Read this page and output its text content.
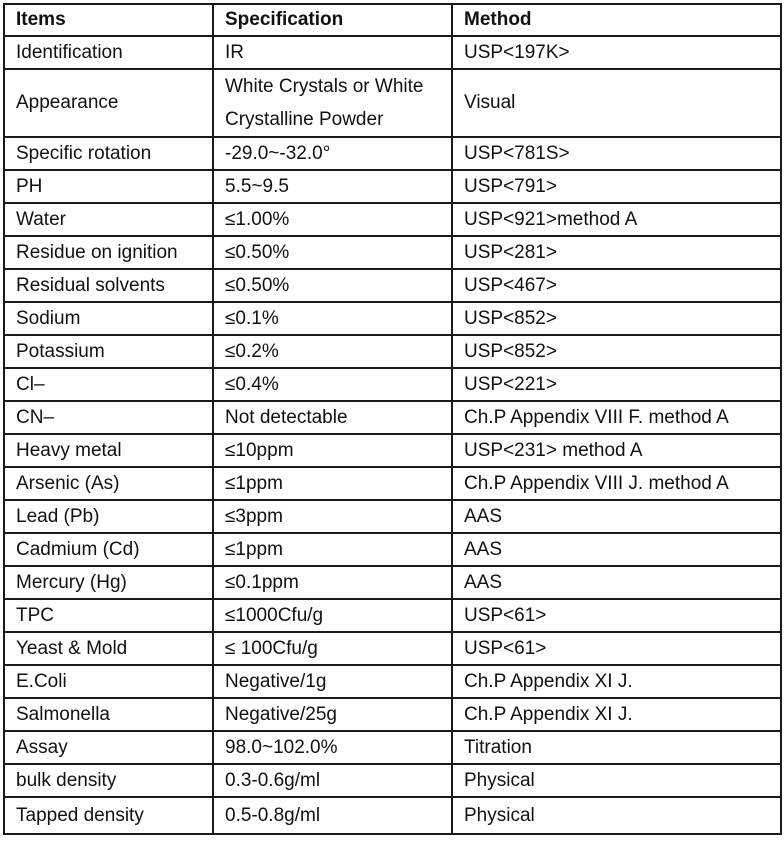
Items	Specification	Method
Identification	IR	USP<197K>
Appearance	White Crystals or White Crystalline Powder	Visual
Specific rotation	-29.0~-32.0°	USP<781S>
PH	5.5~9.5	USP<791>
Water	≤1.00%	USP<921>method A
Residue on ignition	≤0.50%	USP<281>
Residual solvents	≤0.50%	USP<467>
Sodium	≤0.1%	USP<852>
Potassium	≤0.2%	USP<852>
Cl–	≤0.4%	USP<221>
CN–	Not detectable	Ch.P Appendix VIII F. method A
Heavy metal	≤10ppm	USP<231> method A
Arsenic (As)	≤1ppm	Ch.P Appendix VIII J. method A
Lead (Pb)	≤3ppm	AAS
Cadmium (Cd)	≤1ppm	AAS
Mercury (Hg)	≤0.1ppm	AAS
TPC	≤1000Cfu/g	USP<61>
Yeast & Mold	≤ 100Cfu/g	USP<61>
E.Coli	Negative/1g	Ch.P Appendix XI J.
Salmonella	Negative/25g	Ch.P Appendix XI J.
Assay	98.0~102.0%	Titration
bulk density	0.3-0.6g/ml	Physical
Tapped density	0.5-0.8g/ml	Physical
